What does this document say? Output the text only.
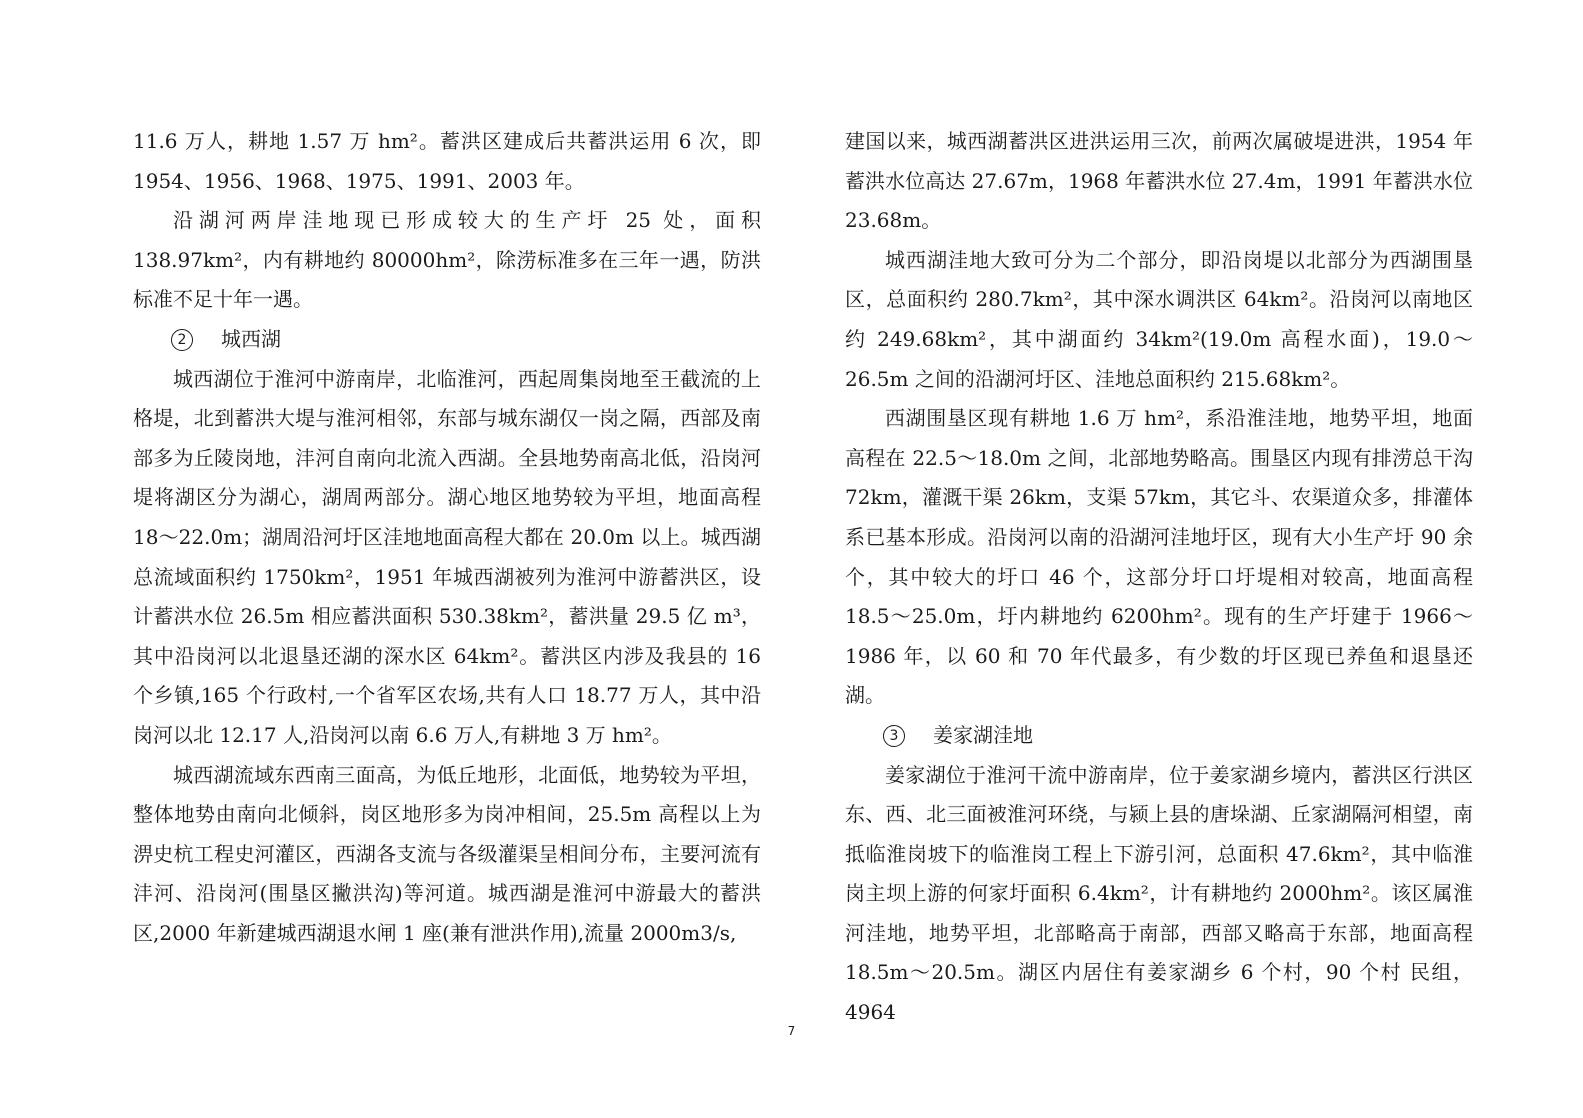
11.6 万人，耕地 1.57 万 hm²。蓄洪区建成后共蓄洪运用 6 次，即 1954、1956、1968、1975、1991、2003 年。

沿湖河两岸洼地现已形成较大的生产圩 25 处，面积 138.97km²，内有耕地约 80000hm²，除涝标准多在三年一遇，防洪标准不足十年一遇。

2 城西湖

城西湖位于淮河中游南岸，北临淮河，西起周集岗地至王截流的上格堤，北到蓄洪大堤与淮河相邻，东部与城东湖仅一岗之隔，西部及南部多为丘陵岗地，沣河自南向北流入西湖。全县地势南高北低，沿岗河堤将湖区分为湖心，湖周两部分。湖心地区地势较为平坦，地面高程 18～22.0m；湖周沿河圩区洼地地面高程大都在 20.0m 以上。城西湖总流域面积约 1750km²，1951 年城西湖被列为淮河中游蓄洪区，设计蓄洪水位 26.5m 相应蓄洪面积 530.38km²，蓄洪量 29.5 亿 m³，其中沿岗河以北退垦还湖的深水区 64km²。蓄洪区内涉及我县的 16 个乡镇,165 个行政村,一个省军区农场,共有人口 18.77 万人，其中沿岗河以北 12.17 人,沿岗河以南 6.6 万人,有耕地 3 万 hm²。

城西湖流域东西南三面高，为低丘地形，北面低，地势较为平坦，整体地势由南向北倾斜，岗区地形多为岗冲相间，25.5m 高程以上为淠史杭工程史河灌区，西湖各支流与各级灌渠呈相间分布，主要河流有沣河、沿岗河(围垦区撇洪沟)等河道。城西湖是淮河中游最大的蓄洪区,2000 年新建城西湖退水闸 1 座(兼有泄洪作用),流量 2000m3/s,

建国以来，城西湖蓄洪区进洪运用三次，前两次属破堤进洪，1954 年蓄洪水位高达 27.67m，1968 年蓄洪水位 27.4m，1991 年蓄洪水位 23.68m。

城西湖洼地大致可分为二个部分，即沿岗堤以北部分为西湖围垦区，总面积约 280.7km²，其中深水调洪区 64km²。沿岗河以南地区约 249.68km²，其中湖面约 34km²(19.0m 高程水面)，19.0～26.5m 之间的沿湖河圩区、洼地总面积约 215.68km²。

西湖围垦区现有耕地 1.6 万 hm²，系沿淮洼地，地势平坦，地面高程在 22.5～18.0m 之间，北部地势略高。围垦区内现有排涝总干沟 72km，灌溉干渠 26km，支渠 57km，其它斗、农渠道众多，排灌体系已基本形成。沿岗河以南的沿湖河洼地圩区，现有大小生产圩 90 余个，其中较大的圩口 46 个，这部分圩口圩堤相对较高，地面高程 18.5～25.0m，圩内耕地约 6200hm²。现有的生产圩建于 1966～1986 年，以 60 和 70 年代最多，有少数的圩区现已养鱼和退垦还湖。

3 姜家湖洼地

姜家湖位于淮河干流中游南岸，位于姜家湖乡境内，蓄洪区行洪区东、西、北三面被淮河环绕，与颍上县的唐垛湖、丘家湖隔河相望，南抵临淮岗坡下的临淮岗工程上下游引河，总面积 47.6km²，其中临淮岗主坝上游的何家圩面积 6.4km²，计有耕地约 2000hm²。该区属淮河洼地，地势平坦，北部略高于南部，西部又略高于东部，地面高程 18.5m～20.5m。湖区内居住有姜家湖乡 6 个村，90 个村 民组，4964

7
